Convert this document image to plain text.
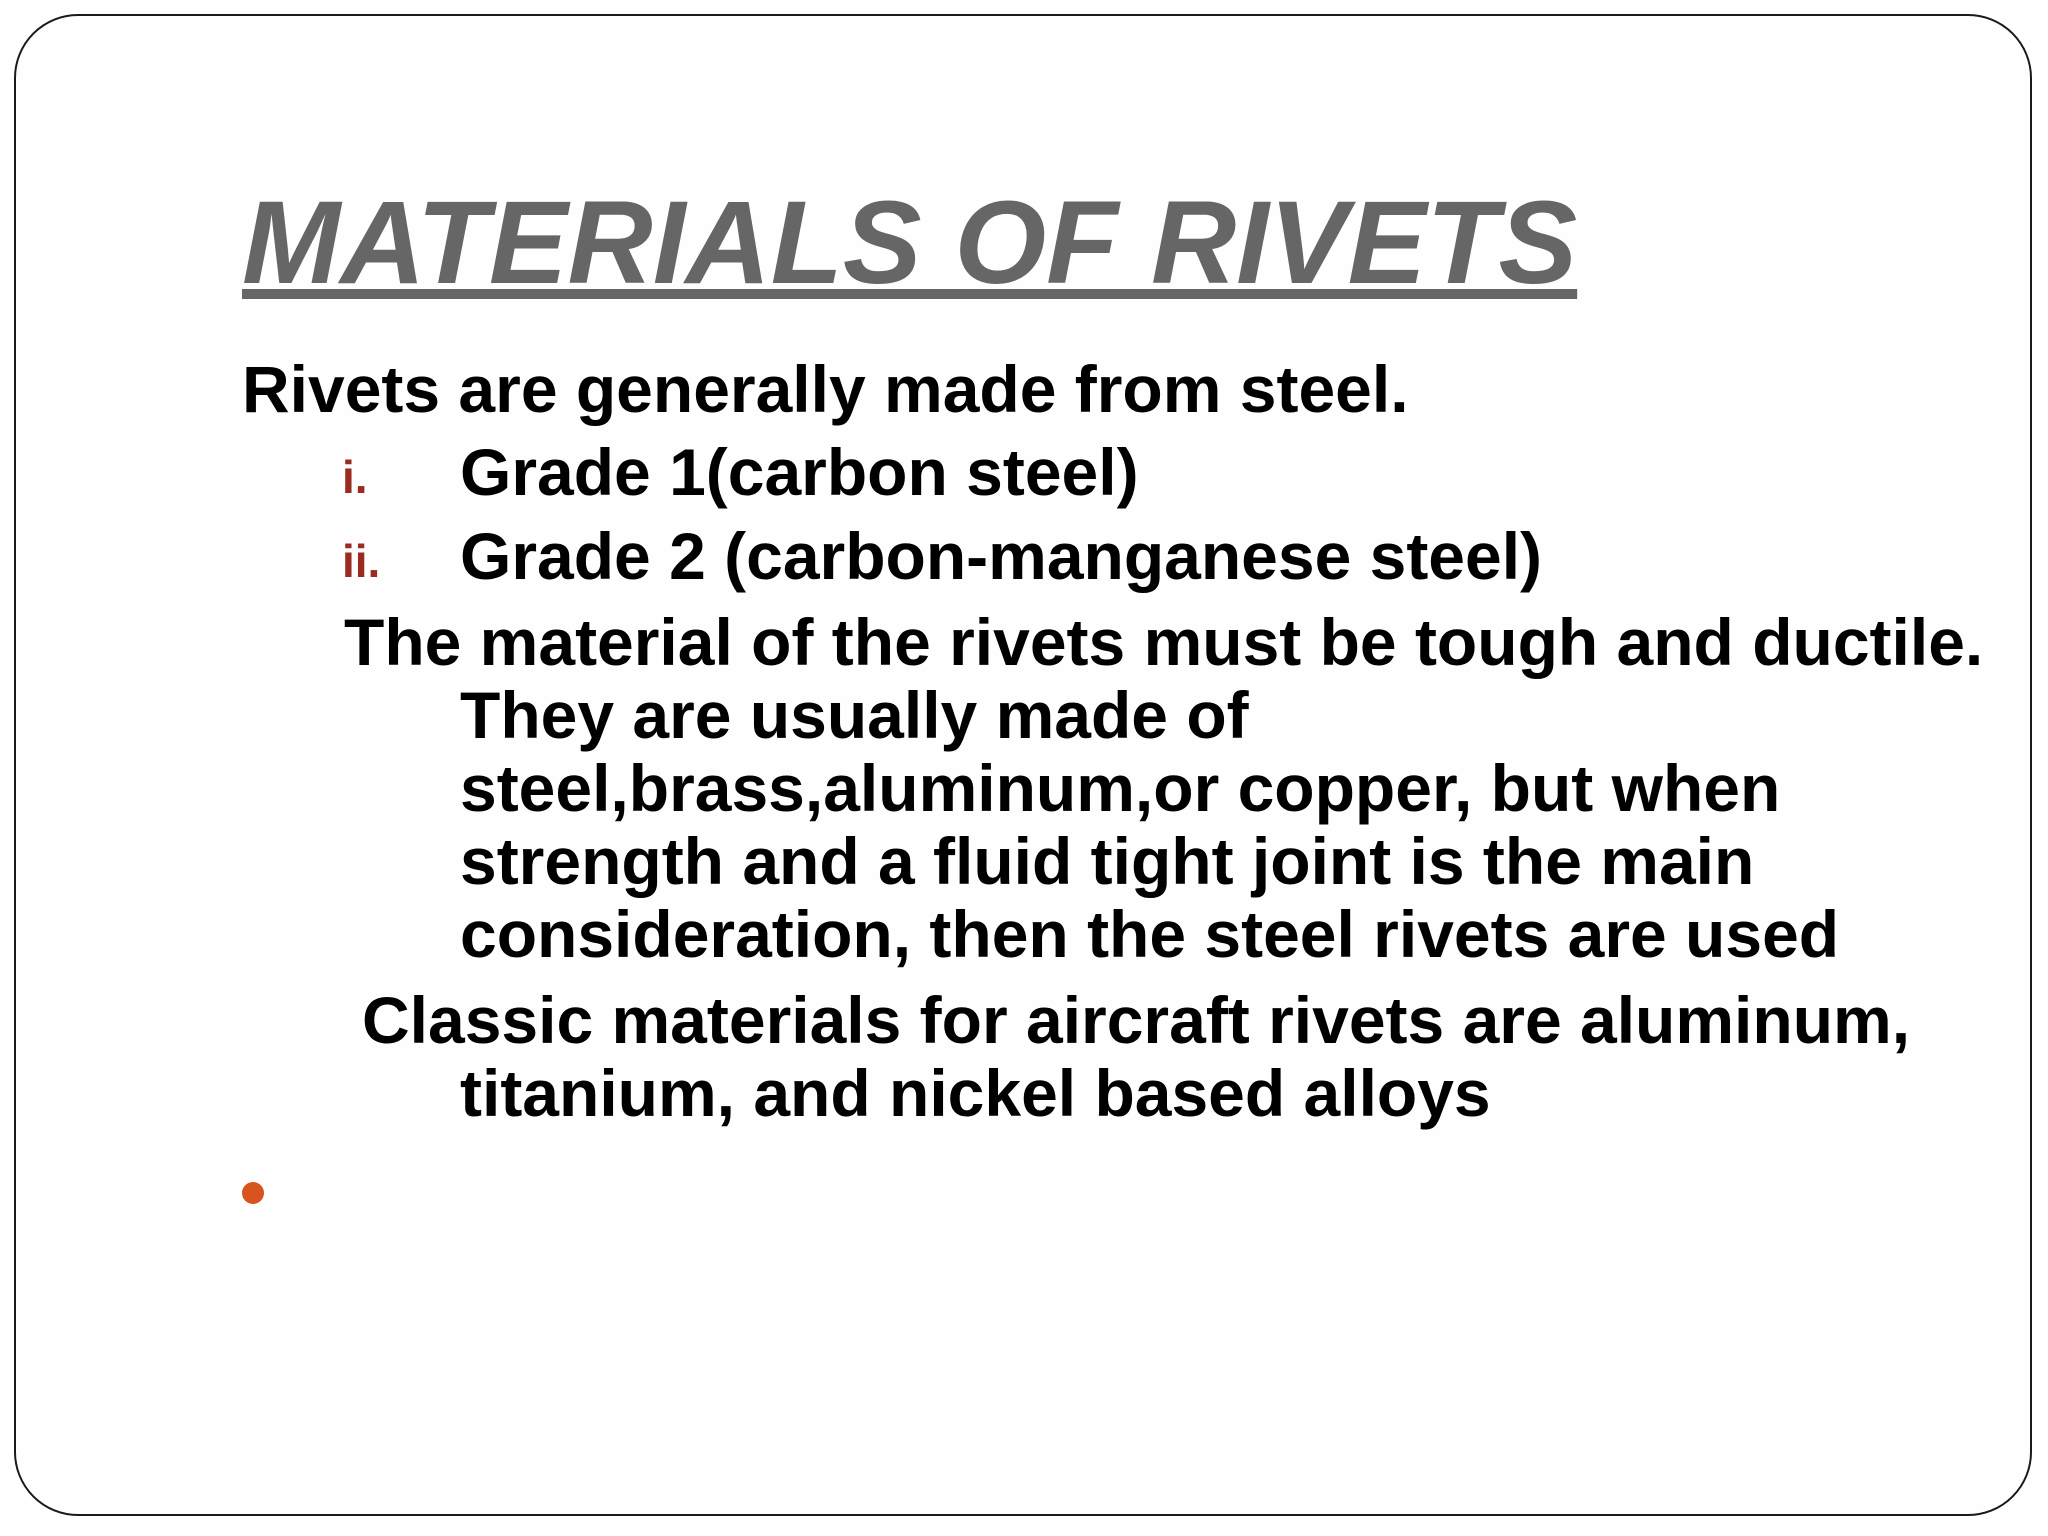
MATERIALS OF RIVETS
Rivets are generally made from steel.
i. Grade 1(carbon steel)
ii. Grade 2 (carbon-manganese steel)
The material of the rivets must be tough and ductile. They are usually made of steel,brass,aluminum,or copper, but when strength and a fluid tight joint is the main consideration, then the steel rivets are used
Classic materials for aircraft rivets are aluminum, titanium, and nickel based alloys
